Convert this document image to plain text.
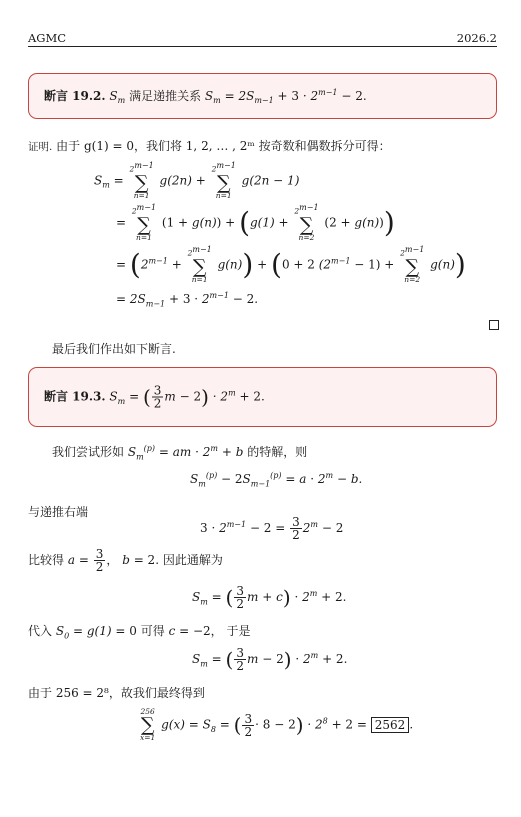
AGMC	2026.2
断言 19.2. $S_m$ 满足递推关系 $S_m = 2S_{m-1} + 3 \cdot 2^{m-1} - 2$.
证明. 由于 g(1) = 0，我们将 1, 2, … , 2ᵐ 按奇数和偶数拆分可得：
$S_m$ =
$2^{m-1}$
∑
n=1
g(2n) +
$2^{m-1}$
∑
n=1
g(2n − 1)
=
$2^{m-1}$
∑
n=1
(1 + g(n)) + (g(1) +
$2^{m-1}$
∑
n=2
(2 + g(n)))
= ($2^{m-1}$ +
$2^{m-1}$
∑
n=1
g(n)) + (0 + 2 $(2^{m-1} - 1)$ +
$2^{m-1}$
∑
n=2
g(n))
= $2S_{m-1} + 3 \cdot 2^{m-1} - 2$.
最后我们作出如下断言.
断言 19.3. $S_m$ = ( $\frac{3}{2}$ $m - 2) \cdot 2^m + 2$.
我们尝试形如 $S_m^{(p)}$ = am · $2^m + b$ 的特解，则
$S_m^{(p)} - 2S_{m-1}^{(p)} = a \cdot 2^m - b$.
与递推右端
$3 \cdot 2^{m-1} - 2 = \frac{3}{2} 2^m - 2$
比较得 $a = \frac{3}{2}$ ， b = 2. 因此通解为
$S_m$ = ( $\frac{3}{2}$ $m + c) \cdot 2^m + 2$.
代入 $S_0 = g(1) = 0$ 可得 c = −2， 于是
$S_m$ = ( $\frac{3}{2}$ $m - 2) \cdot 2^m + 2$.
由于 256 = 2⁸，故我们最终得到
256
∑
x=1
$g(x) = S_8$ = ( $\frac{3}{2} \cdot 8 - 2) \cdot 2^8 + 2 = 2562$ .
